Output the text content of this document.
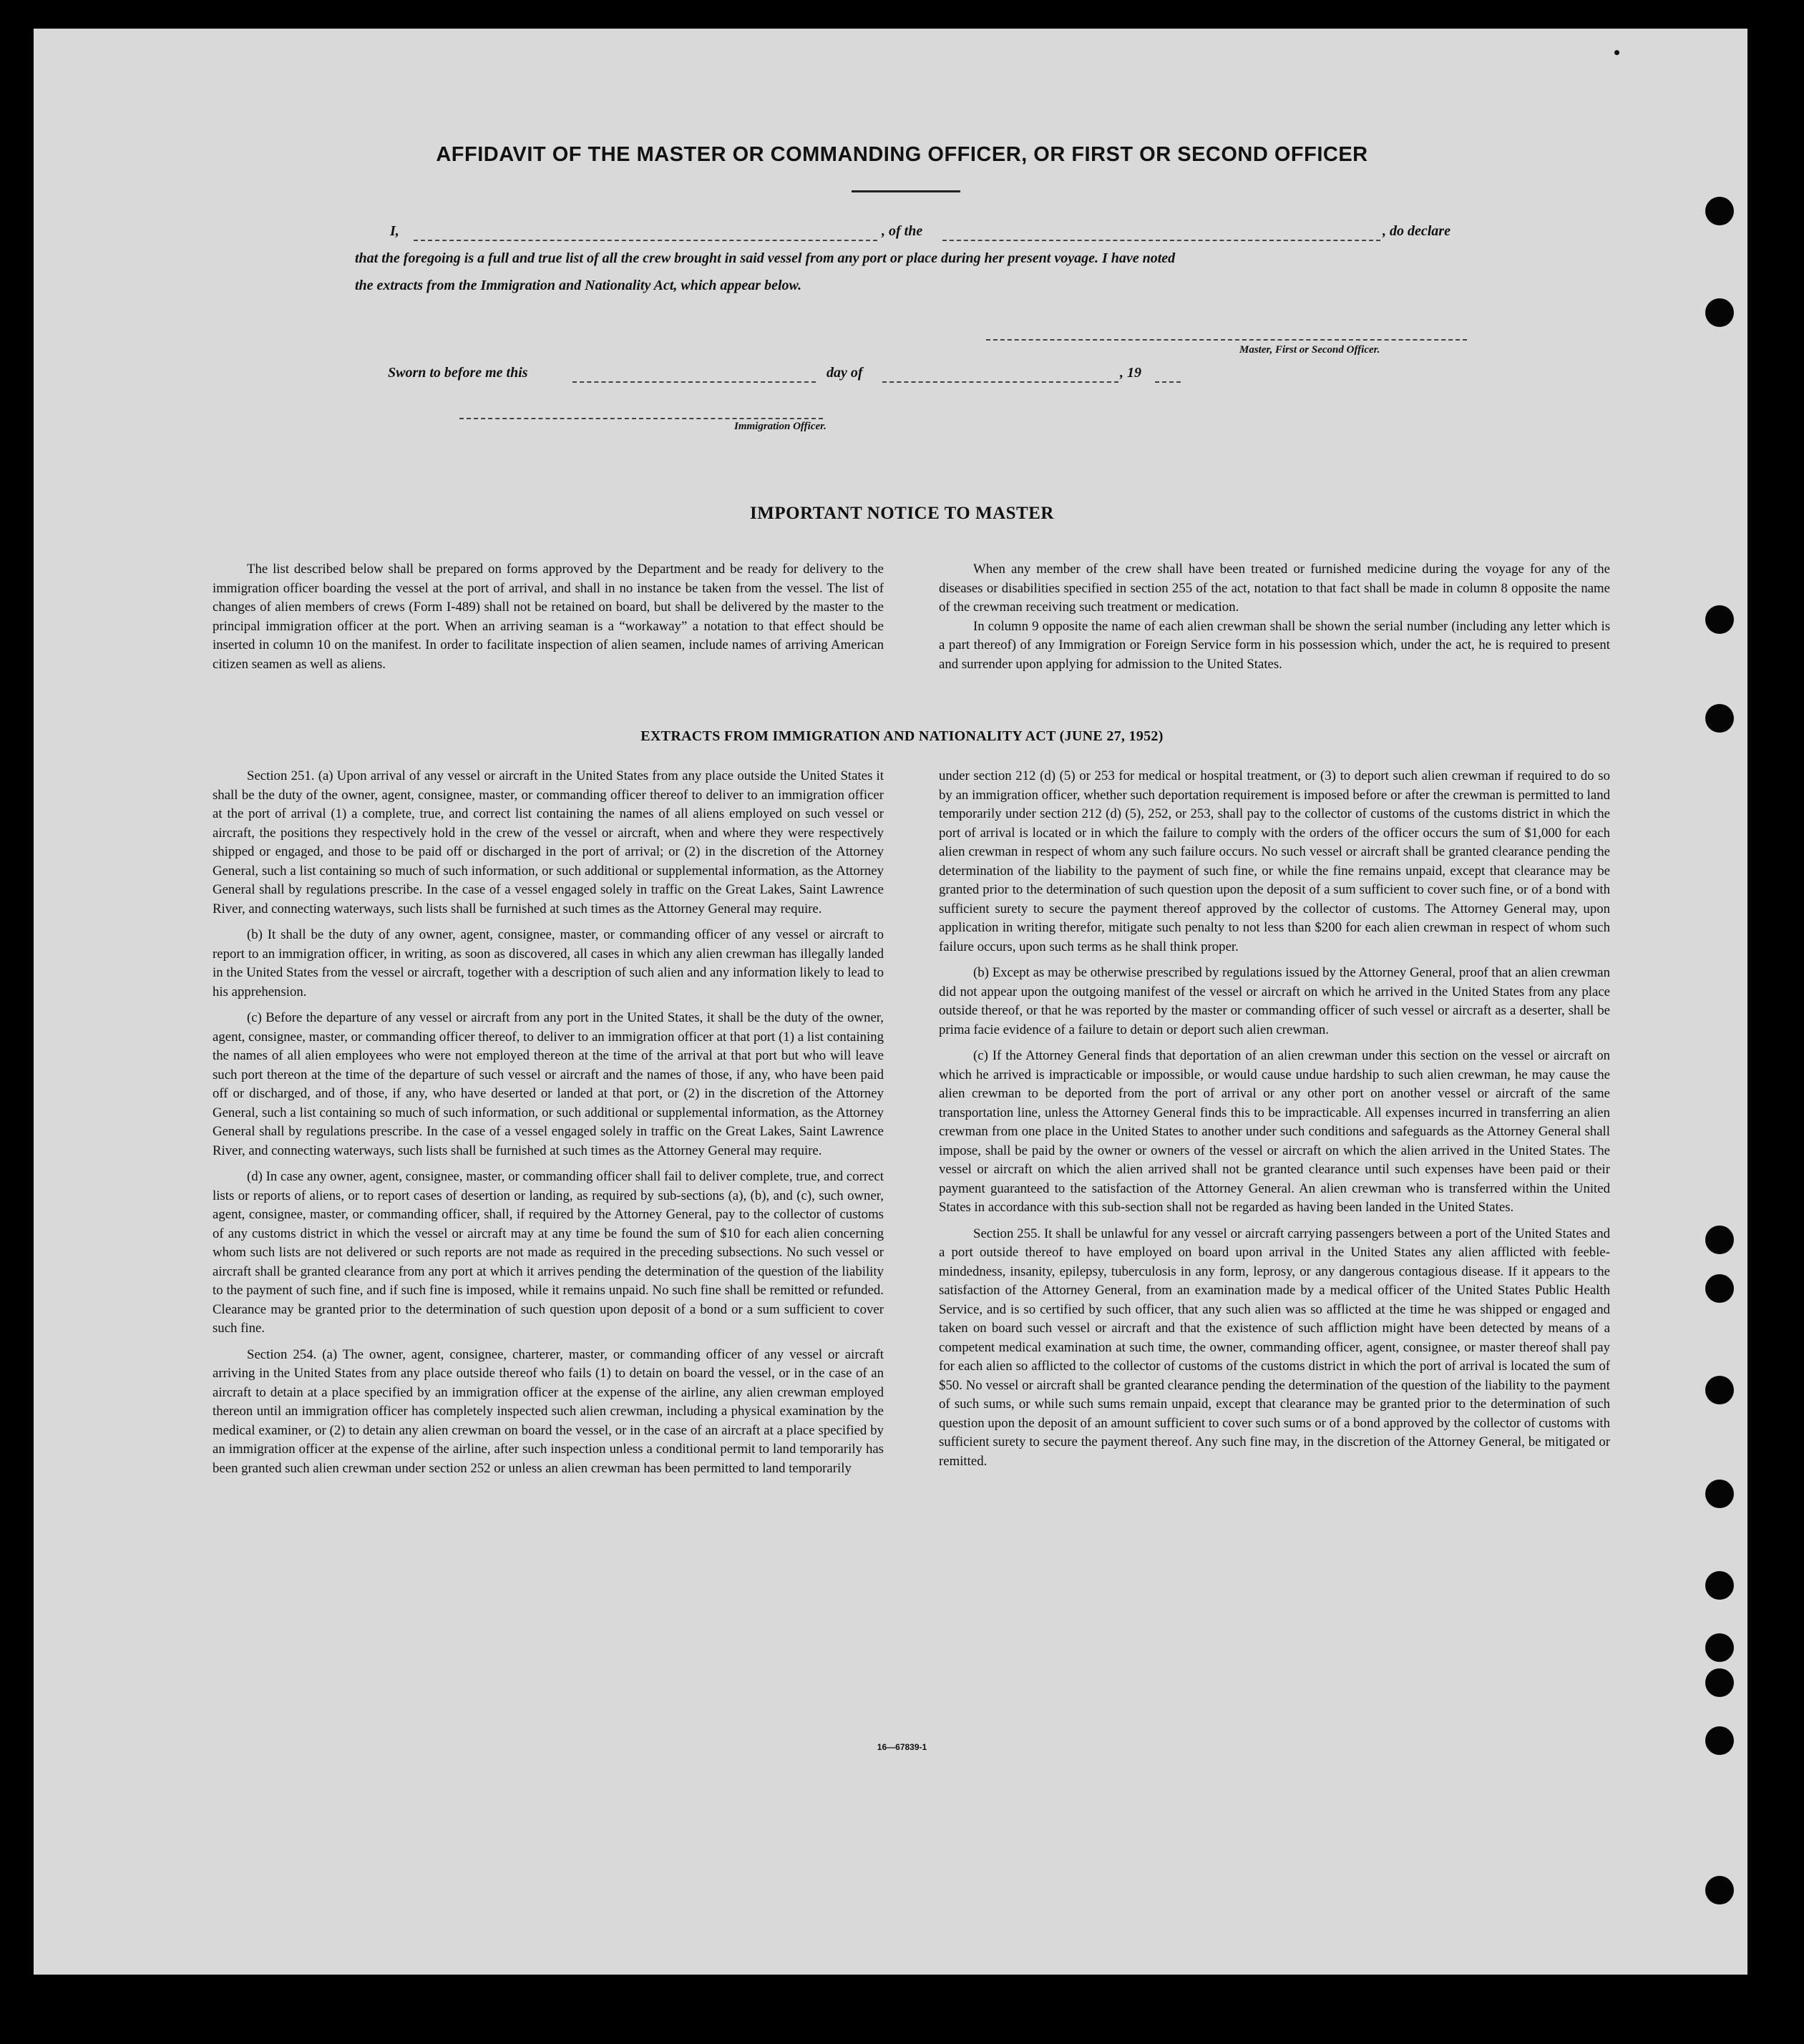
AFFIDAVIT OF THE MASTER OR COMMANDING OFFICER, OR FIRST OR SECOND OFFICER
I,	, of the	, do declare
that the foregoing is a full and true list of all the crew brought in said vessel from any port or place during her present voyage. I have noted
the extracts from the Immigration and Nationality Act, which appear below.
Master, First or Second Officer.
Sworn to before me this	day of	, 19
Immigration Officer.
IMPORTANT NOTICE TO MASTER

The list described below shall be prepared on forms approved by the Department and be ready for delivery to the immigration officer boarding the vessel at the port of arrival, and shall in no instance be taken from the vessel. The list of changes of alien members of crews (Form I-489) shall not be retained on board, but shall be delivered by the master to the principal immigration officer at the port. When an arriving seaman is a “workaway” a notation to that effect should be inserted in column 10 on the manifest. In order to facilitate inspection of alien seamen, include names of arriving American citizen seamen as well as aliens.

When any member of the crew shall have been treated or furnished medicine during the voyage for any of the diseases or disabilities specified in section 255 of the act, notation to that fact shall be made in column 8 opposite the name of the crewman receiving such treatment or medication.

In column 9 opposite the name of each alien crewman shall be shown the serial number (including any letter which is a part thereof) of any Immigration or Foreign Service form in his possession which, under the act, he is required to present and surrender upon applying for admission to the United States.

EXTRACTS FROM IMMIGRATION AND NATIONALITY ACT (JUNE 27, 1952)

Section 251. (a) Upon arrival of any vessel or aircraft in the United States from any place outside the United States it shall be the duty of the owner, agent, consignee, master, or commanding officer thereof to deliver to an immigration officer at the port of arrival (1) a complete, true, and correct list containing the names of all aliens employed on such vessel or aircraft, the positions they respectively hold in the crew of the vessel or aircraft, when and where they were respectively shipped or engaged, and those to be paid off or discharged in the port of arrival; or (2) in the discretion of the Attorney General, such a list containing so much of such information, or such additional or supplemental information, as the Attorney General shall by regulations prescribe. In the case of a vessel engaged solely in traffic on the Great Lakes, Saint Lawrence River, and connecting waterways, such lists shall be furnished at such times as the Attorney General may require.

(b) It shall be the duty of any owner, agent, consignee, master, or commanding officer of any vessel or aircraft to report to an immigration officer, in writing, as soon as discovered, all cases in which any alien crewman has illegally landed in the United States from the vessel or aircraft, together with a description of such alien and any information likely to lead to his apprehension.

(c) Before the departure of any vessel or aircraft from any port in the United States, it shall be the duty of the owner, agent, consignee, master, or commanding officer thereof, to deliver to an immigration officer at that port (1) a list containing the names of all alien employees who were not employed thereon at the time of the arrival at that port but who will leave such port thereon at the time of the departure of such vessel or aircraft and the names of those, if any, who have been paid off or discharged, and of those, if any, who have deserted or landed at that port, or (2) in the discretion of the Attorney General, such a list containing so much of such information, or such additional or supplemental information, as the Attorney General shall by regulations prescribe. In the case of a vessel engaged solely in traffic on the Great Lakes, Saint Lawrence River, and connecting waterways, such lists shall be furnished at such times as the Attorney General may require.

(d) In case any owner, agent, consignee, master, or commanding officer shall fail to deliver complete, true, and correct lists or reports of aliens, or to report cases of desertion or landing, as required by sub-sections (a), (b), and (c), such owner, agent, consignee, master, or commanding officer, shall, if required by the Attorney General, pay to the collector of customs of any customs district in which the vessel or aircraft may at any time be found the sum of $10 for each alien concerning whom such lists are not delivered or such reports are not made as required in the preceding subsections. No such vessel or aircraft shall be granted clearance from any port at which it arrives pending the determination of the question of the liability to the payment of such fine, and if such fine is imposed, while it remains unpaid. No such fine shall be remitted or refunded. Clearance may be granted prior to the determination of such question upon deposit of a bond or a sum sufficient to cover such fine.

Section 254. (a) The owner, agent, consignee, charterer, master, or commanding officer of any vessel or aircraft arriving in the United States from any place outside thereof who fails (1) to detain on board the vessel, or in the case of an aircraft to detain at a place specified by an immigration officer at the expense of the airline, any alien crewman employed thereon until an immigration officer has completely inspected such alien crewman, including a physical examination by the medical examiner, or (2) to detain any alien crewman on board the vessel, or in the case of an aircraft at a place specified by an immigration officer at the expense of the airline, after such inspection unless a conditional permit to land temporarily has been granted such alien crewman under section 252 or unless an alien crewman has been permitted to land temporarily

under section 212 (d) (5) or 253 for medical or hospital treatment, or (3) to deport such alien crewman if required to do so by an immigration officer, whether such deportation requirement is imposed before or after the crewman is permitted to land temporarily under section 212 (d) (5), 252, or 253, shall pay to the collector of customs of the customs district in which the port of arrival is located or in which the failure to comply with the orders of the officer occurs the sum of $1,000 for each alien crewman in respect of whom any such failure occurs. No such vessel or aircraft shall be granted clearance pending the determination of the liability to the payment of such fine, or while the fine remains unpaid, except that clearance may be granted prior to the determination of such question upon the deposit of a sum sufficient to cover such fine, or of a bond with sufficient surety to secure the payment thereof approved by the collector of customs. The Attorney General may, upon application in writing therefor, mitigate such penalty to not less than $200 for each alien crewman in respect of whom such failure occurs, upon such terms as he shall think proper.

(b) Except as may be otherwise prescribed by regulations issued by the Attorney General, proof that an alien crewman did not appear upon the outgoing manifest of the vessel or aircraft on which he arrived in the United States from any place outside thereof, or that he was reported by the master or commanding officer of such vessel or aircraft as a deserter, shall be prima facie evidence of a failure to detain or deport such alien crewman.

(c) If the Attorney General finds that deportation of an alien crewman under this section on the vessel or aircraft on which he arrived is impracticable or impossible, or would cause undue hardship to such alien crewman, he may cause the alien crewman to be deported from the port of arrival or any other port on another vessel or aircraft of the same transportation line, unless the Attorney General finds this to be impracticable. All expenses incurred in transferring an alien crewman from one place in the United States to another under such conditions and safeguards as the Attorney General shall impose, shall be paid by the owner or owners of the vessel or aircraft on which the alien arrived in the United States. The vessel or aircraft on which the alien arrived shall not be granted clearance until such expenses have been paid or their payment guaranteed to the satisfaction of the Attorney General. An alien crewman who is transferred within the United States in accordance with this sub-section shall not be regarded as having been landed in the United States.

Section 255. It shall be unlawful for any vessel or aircraft carrying passengers between a port of the United States and a port outside thereof to have employed on board upon arrival in the United States any alien afflicted with feeble-mindedness, insanity, epilepsy, tuberculosis in any form, leprosy, or any dangerous contagious disease. If it appears to the satisfaction of the Attorney General, from an examination made by a medical officer of the United States Public Health Service, and is so certified by such officer, that any such alien was so afflicted at the time he was shipped or engaged and taken on board such vessel or aircraft and that the existence of such affliction might have been detected by means of a competent medical examination at such time, the owner, commanding officer, agent, consignee, or master thereof shall pay for each alien so afflicted to the collector of customs of the customs district in which the port of arrival is located the sum of $50. No vessel or aircraft shall be granted clearance pending the determination of the question of the liability to the payment of such sums, or while such sums remain unpaid, except that clearance may be granted prior to the determination of such question upon the deposit of an amount sufficient to cover such sums or of a bond approved by the collector of customs with sufficient surety to secure the payment thereof. Any such fine may, in the discretion of the Attorney General, be mitigated or remitted.

16—67839-1
